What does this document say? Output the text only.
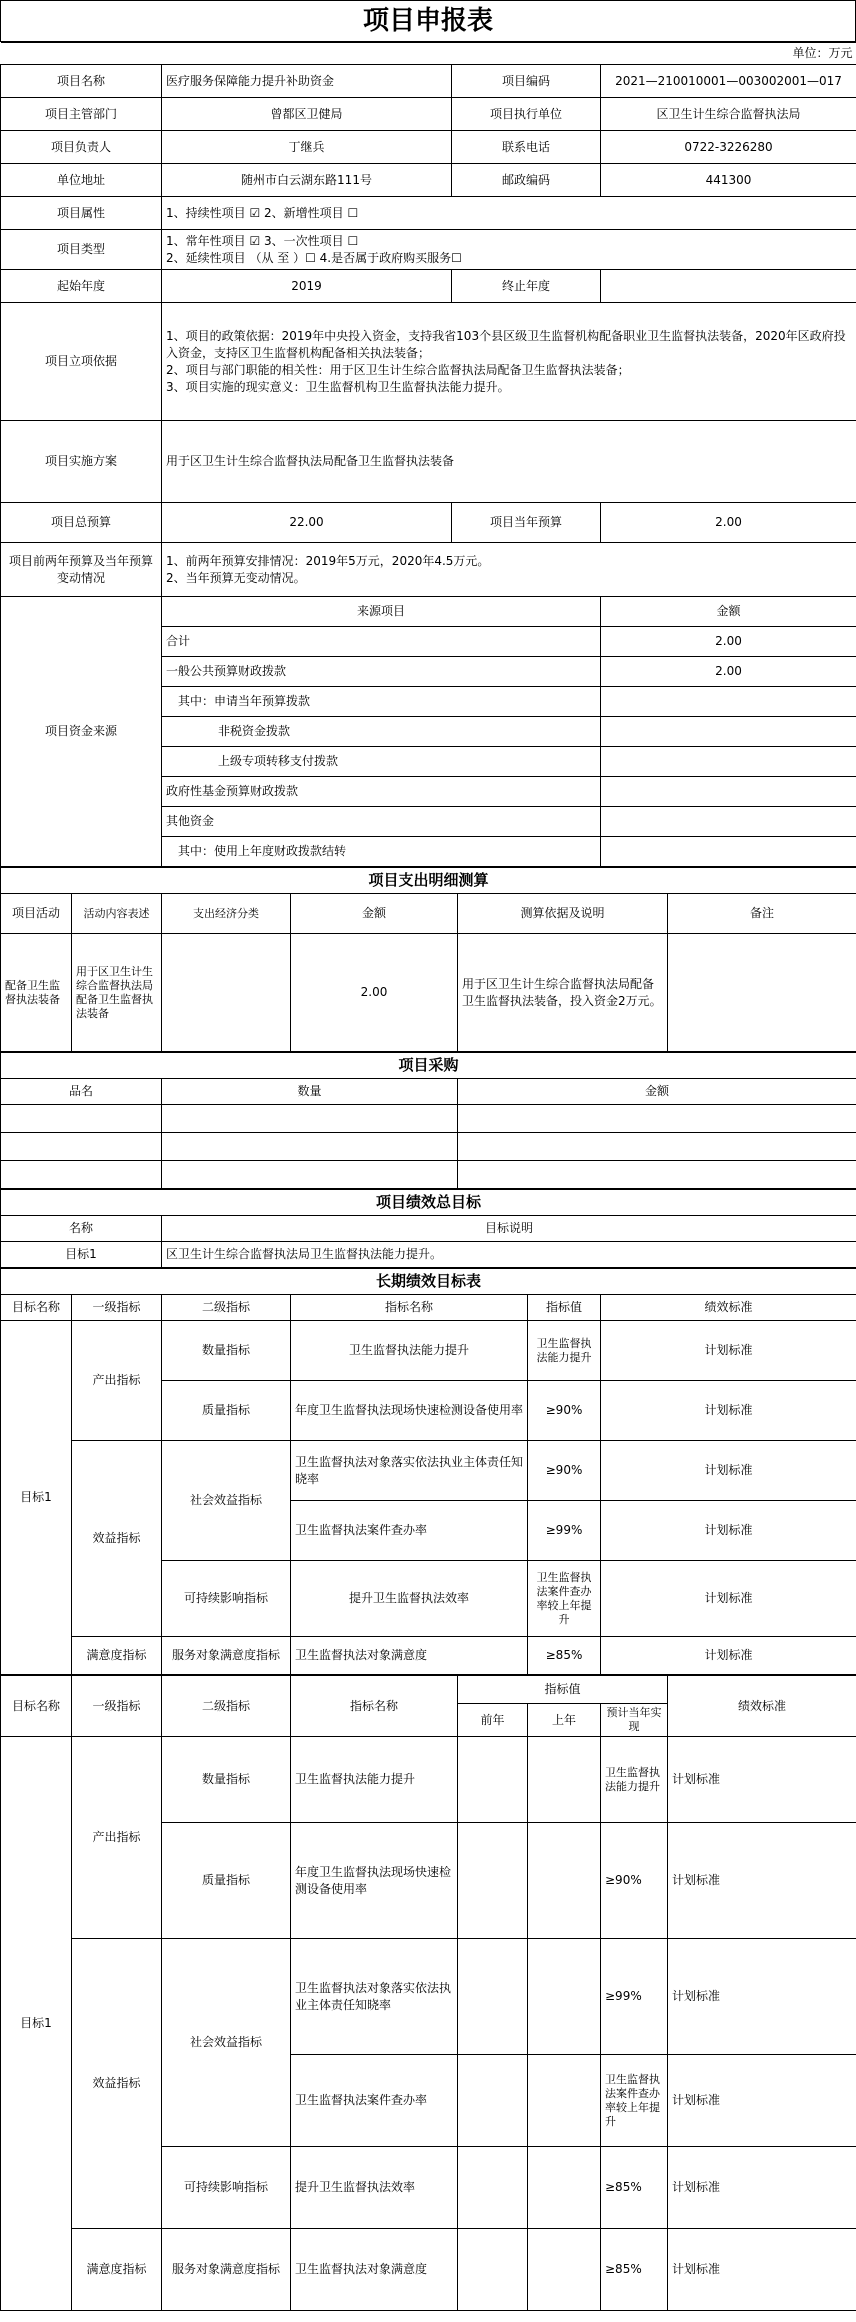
项目申报表
单位：万元			
项目名称	医疗服务保障能力提升补助资金	项目编码	2021—210010001—003002001—017
项目主管部门	曾都区卫健局	项目执行单位	区卫生计生综合监督执法局
项目负责人	丁继兵	联系电话	0722-3226280
单位地址	随州市白云湖东路111号	邮政编码	441300
项目属性	1、持续性项目 ☑ 2、新增性项目 ☐		
项目类型	1、常年性项目 ☑ 3、一次性项目 ☐
2、延续性项目 （从 至 ）☐ 4.是否属于政府购买服务☐		

起始年度	2019	终止年度	
项目立项依据	1、项目的政策依据：2019年中央投入资金，支持我省103个县区级卫生监督机构配备职业卫生监督执法装备，2020年区政府投入资金，支持区卫生监督机构配备相关执法装备；
2、项目与部门职能的相关性：用于区卫生计生综合监督执法局配备卫生监督执法装备；
3、项目实施的现实意义：卫生监督机构卫生监督执法能力提升。		

项目实施方案	用于区卫生计生综合监督执法局配备卫生监督执法装备		
项目总预算	22.00	项目当年预算	2.00
项目前两年预算及当年预算变动情况	1、前两年预算安排情况：2019年5万元，2020年4.5万元。
2、当年预算无变动情况。		

项目资金来源	来源项目		金额
	合计		2.00
	一般公共预算财政拨款		2.00
	其中：申请当年预算拨款		
	非税资金拨款		
	上级专项转移支付拨款		
	政府性基金预算财政拨款		
	其他资金		
	其中：使用上年度财政拨款结转		
项目支出明细测算					
项目活动	活动内容表述	支出经济分类	金额	测算依据及说明	备注
配备卫生监督执法装备	用于区卫生计生综合监督执法局配备卫生监督执法装备		2.00	用于区卫生计生综合监督执法局配备卫生监督执法装备，投入资金2万元。	
项目采购		
品名	数量	金额

项目绩效总目标	
名称	目标说明
目标1	区卫生计生综合监督执法局卫生监督执法能力提升。
长期绩效目标表					
目标名称	一级指标	二级指标	指标名称	指标值	绩效标准
目标1	产出指标	数量指标	卫生监督执法能力提升	卫生监督执法能力提升	计划标准
		质量指标	年度卫生监督执法现场快速检测设备使用率	≥90%	计划标准
	效益指标	社会效益指标	卫生监督执法对象落实依法执业主体责任知晓率	≥90%	计划标准
			卫生监督执法案件查办率	≥99%	计划标准
		可持续影响指标	提升卫生监督执法效率	卫生监督执法案件查办率较上年提升	计划标准
	满意度指标	服务对象满意度指标	卫生监督执法对象满意度	≥85%	计划标准
目标名称	一级指标	二级指标	指标名称	指标值			绩效标准
				前年	上年	预计当年实现	
目标1	产出指标	数量指标	卫生监督执法能力提升			卫生监督执法能力提升	计划标准
		质量指标	年度卫生监督执法现场快速检测设备使用率			≥90%	计划标准
	效益指标	社会效益指标	卫生监督执法对象落实依法执业主体责任知晓率			≥99%	计划标准
			卫生监督执法案件查办率			卫生监督执法案件查办率较上年提升	计划标准
		可持续影响指标	提升卫生监督执法效率			≥85%	计划标准
	满意度指标	服务对象满意度指标	卫生监督执法对象满意度			≥85%	计划标准
